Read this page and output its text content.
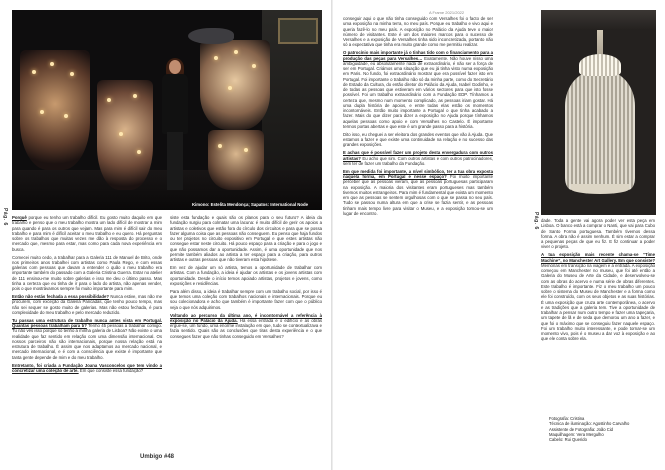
Kimono: Estelita Mendonça; Sapatos: International Node
Pág. 6 Porquê porque eu tenho um trabalho difícil. Eu gosto muito daquilo em que trabalho e penso que o meu trabalho mostra um lado difícil de mostrar a mim para quando é para os outros que vejam. Mas para mim é difícil sair do meu trabalho e para mim é difícil aceitar o meu trabalho e eu quero. Há perguntas sobre os trabalhos que muitas vezes me dão à resposta do processo e o mercado que, mesmo para estar, mas como para cada nova experiência em busca.

Comecei muito cedo, a trabalhar para a Galeria 111 de Manuel de Brito, onde nos primeiros anos trabalhei com artistas como Paula Rego, e com essas galerias com pessoas que davam a entender o quão o meu trabalho era importante também do passado com a Galeria Cristina Guerra. Estar no atelier de 111 ensinou-me muito sobre galerias e isso me deu o último passo. Mas tinha a certeza que eu tinha de ir para o lado do artista, não apenas vender, pois o que mostrávamos sempre foi muito importante para mim.

Então não estás fechada a essa possibilidade? Nunca estive, mas não me procurem, com exceção da Galeria Pancadas, que tenho pouco tempo, mas não sei sequer se gosto muito de galerias. Mas não estou fechada, é pura complexidade do meu trabalho e pelo mercado reduzido.

Tu passas uma estrutura de trabalho nunca antes vista em Portugal. Quantas pessoas trabalham para ti? Tenho 45 pessoas a trabalhar comigo. Tu não vês isso porque só tenho a minha galeria de Lisboa? Não existe o uma realidade que faz sentido em relação com uma dimensão internacional. Os nossos parceiros não são internacionais, porque nossa relação está na estrutura de trabalho. É assim que nos adaptamos ao mercado nacional, e mercado internacional, e é com a consciência que existe é importante que tanta gente depende de mim e do meu trabalho.

Entretanto, foi criada a Fundação Joana Vasconcelos que tem vindo a concretizar uma coleção de arte. Em que consiste essa fundação?

siste esta fundação e quais são os planos para o seu futuro? A ideia da fundação surgiu para colmatar uma lacuna: é muito difícil de gerir os apoios a artistas e coletivos que estão fora do círculo dos circuitos e para que se possa fazer alguma coisa que as pessoas não conseguem. Eu penso que haja fundos ou ter projetos no circuito expositivo em Portugal e que estes artistas não consegue estar neste circuito. Há pouco espaço para a criação e para o jogo e que não possamos dar a oportunidade. Assim, é uma oportunidade que nos permite também aliados ao artista a ter espaço para a criação, para outros artistas e outras pessoas que não tiveram esta hipótese.

Em vez de ajudar um só artista, temos a oportunidade de trabalhar com artistas. Com a fundação, a ideia é ajudar os artistas e os jovens artistas com oportunidade. Desde o início temos apoiado artistas, projetos e jovens, como exposições e residências.

Para além disso, a ideia é trabalhar sempre com um trabalho social, por isso é que temos uma coleção com trabalhos nacionais e internacionais. Porque eu sou colecionadora e acho que também é importante fazer com que o público veja o que nós adquirimos.

Voltando ao percurso da última ano, é incontornável a referência à exposição no Palácio da Ajuda. Há essa entrada e o edifício e as obras ergue-se, um fundo, uma enorme instalação em que, tudo se contextualizava e fazia sentido. Quais são as conclusões que tiras desta experiência e o que consegues fazer que não tinhas conseguido em Versalhes?

Umbigo #48
A Frame 2021/2022

conseguir aqui o que não tinha conseguido com Versalhes foi o facto de ser uma exposição na minha terra, no meu país. Porque eu trabalho e vivo aqui e queria fazê-lo no meu país. A exposição no Palácio da Ajuda teve o maior número de visitantes. Este é um dos maiores marcos para o sucesso de Versalhes e a exposição de Versalhes tinha sido inconcretizada, portanto não só a expectativa que tinha era muito grande como me permitiu realizar.

O patrocínio mais importante já o tinhas tido com o financiamento para a produção das peças para Versalhes… Exatamente. Não houve nisso uma ambiguidade, eu absolutamente nada de extraordinário, é não ser a força de ser em Portugal. Criámos uma situação que eu já tinha visto numa exposição em Paris. No fundo, foi extraordinário mostrar que era possível fazer isto em Portugal. Foi importante o trabalho não só da minha parte, como do Secretário de Estado da Cultura, do então diretor do Palácio da Ajuda, Isabel Godinho, e de todas as pessoas que estiveram em vários sectores para que isto fosse possível. Foi um trabalho extraordinário com a Fundação EDP. Tínhamos a certeza que, mesmo num momento complicado, as pessoas iriam gostar. Há uma dupla história de apoios, e entre todas elas estão os momentos incontornáveis. Então muito importante a Portugal o que tinha acabado a fazer. Mais do que dizer para dizer a exposição no Ajuda porque tínhamos aquelas pessoas como apoio e com Versalhes no Castelo. É importante termos portas abertas e que este é um grande passo para a história.

Dito isso, eu cheguei a ser eleitora dos grandes eventos que vão à Ajuda. Que estamos a fazer e que existe uma continuidade na relação e no sucesso das grandes exposições.

E achas que é possível fazer um projeto desta envergadura com outros artistas? Eu acho que sim. Com outros artistas e com outros patrocinadores, sem ter de fazer um trabalho da Fundação.

Em que medida foi importante, a nível simbólico, ter a tua obra exposta naquela forma, em Portugal e nesse espaço? Foi muito importante perceber que as pessoas vieram, que as pessoas portuguesas participaram na exposição. A maioria dos visitantes eram portugueses mas também tivemos muitos estrangeiros. Para mim é fundamental que exista um momento em que as pessoas se sentem orgulhosas com o que se passa no seu país. Tudo se passou numa altura em que a crise se fazia sentir, e as pessoas tinham mais tempo livre para visitar o Museu, e a exposição tornou-se um lugar de encontro.

dade. Toda a gente vai agora poder ver esta peça em Lisboa. O banco está a comprar o Nanti, que vai para Cubo de Santo Forma portuguesa. Também tivemos dessa forma. A obra não é assim nenhum. É sim estar a comprar a pequenas peças de que eu fiz. E fiz continuar a poder viver o projeto.

A tua exposição mais recente chama-se “Time Machine”, no Manchester Art Gallery. Em que consiste? Memórias em transição na viagem e a entrada. A exposição começou em Manchester no museu, que foi até então a Galeria do Museu de Arte da Cidade, e desenvolveu-se com as obras do acervo e numa série de obras diferentes. Este trabalho é importante. Fiz o meu trabalho um pouco sobre o sistema do Museu de Manchester e a forma como ele foi construído, com os seus objetos e as suas histórias. É uma exposição que cruza arte contemporânea, o acervo e as tradições que a galeria tem. Tive a oportunidade de trabalhar a pensar num outro tempo e fazer uma tapeçaria, um tapete de lã e de seda que demorou um ano a fazer, e que foi o máximo que se conseguiu fazer naquele espaço. Foi um trabalho muito interessante, e pode tornar-se um momento vivo, pois é o museu a dar voz à exposição e ao que ele conta sobre ela.

Fotografia: Cristina
Técnica de iluminação: Agostinho Carvalho
Assistente de Fotografia: João Cid
Maquilhagem: Vera Mergulho
Cabelo: Rui Querido
Pág. 6
